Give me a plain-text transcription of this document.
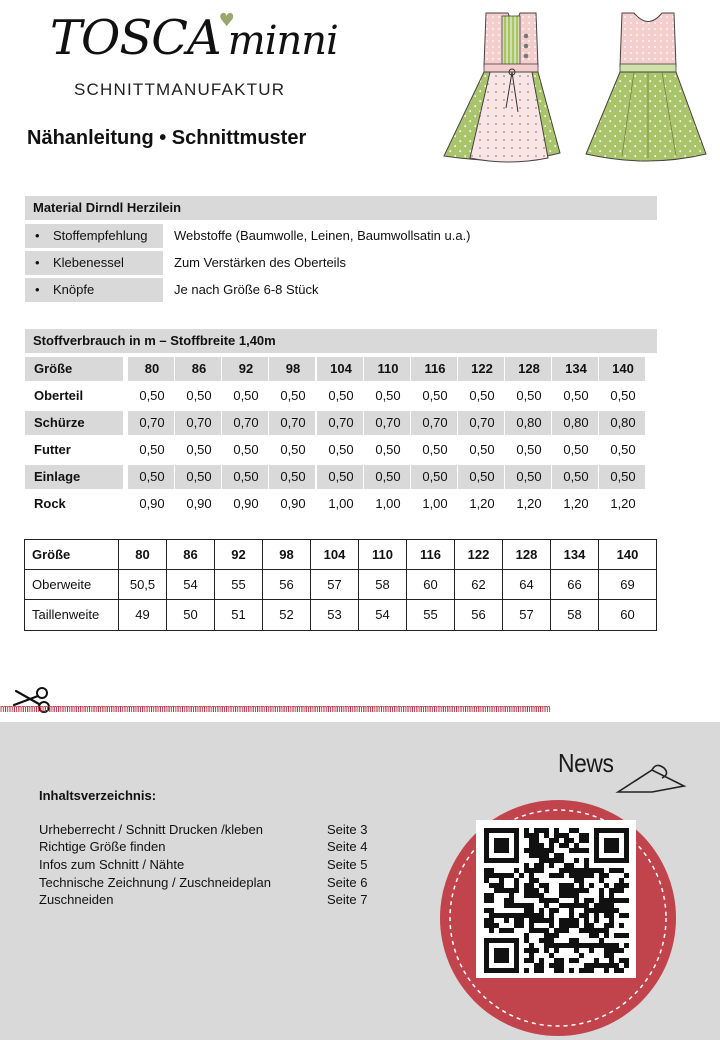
TOSCA♥minni
SCHNITTMANUFAKTUR
Nähanleitung • Schnittmuster
Material Dirndl Herzilein
• Stoffempfehlung Webstoffe (Baumwolle, Leinen, Baumwollsatin u.a.)
• Klebenessel	Zum Verstärken des Oberteils
• Knöpfe	Je nach Größe 6-8 Stück
Stoffverbrauch in m – Stoffbreite 1,40m
Größe	80	86	92	98	104	110	116	122	128	134	140
Oberteil	0,50	0,50	0,50	0,50	0,50	0,50	0,50	0,50	0,50	0,50	0,50
Schürze	0,70	0,70	0,70	0,70	0,70	0,70	0,70	0,70	0,80	0,80	0,80
Futter	0,50	0,50	0,50	0,50	0,50	0,50	0,50	0,50	0,50	0,50	0,50
Einlage	0,50	0,50	0,50	0,50	0,50	0,50	0,50	0,50	0,50	0,50	0,50
Rock	0,90	0,90	0,90	0,90	1,00	1,00	1,00	1,20	1,20	1,20	1,20
Größe	80	86	92	98	104	110	116	122	128	134	140
Oberweite	50,5	54	55	56	57	58	60	62	64	66	69
Taillenweite	49	50	51	52	53	54	55	56	57	58	60
mmmmmmmmmmmmmmmmmmmmmmmmmmmmmmmmmmmmmmmmmmmmmmmmmmmmmmmmmmmmmmmmmmmmmmmmmmmmmmmmmmmmmmmmmmmmmmmmmmmmmmmmmmmmmmmmmmmmmmmmmmmm
Inhaltsverzeichnis:
Urheberrecht / Schnitt Drucken /kleben	Seite 3
Richtige Größe finden	Seite 4
Infos zum Schnitt / Nähte	Seite 5
Technische Zeichnung / Zuschneideplan	Seite 6
Zuschneiden	Seite 7
News
